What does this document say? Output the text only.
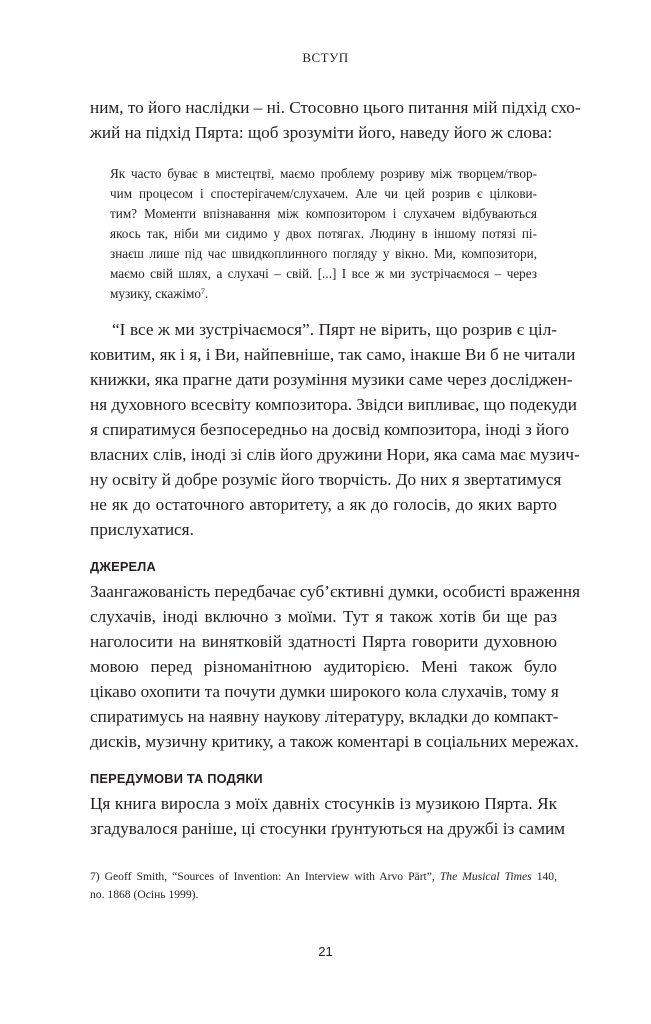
ВСТУП
ним, то його наслідки – ні. Стосовно цього питання мій підхід схо-
жий на підхід Пярта: щоб зрозуміти його, наведу його ж слова:
Як часто буває в мистецтві, маємо проблему розриву між творцем/твор-
чим процесом і спостерігачем/слухачем. Але чи цей розрив є цілкови-
тим? Моменти впізнавання між композитором і слухачем відбуваються
якось так, ніби ми сидимо у двох потягах. Людину в іншому потязі пі-
знаєш лише під час швидкоплинного погляду у вікно. Ми, композитори,
маємо свій шлях, а слухачі – свій. [...] І все ж ми зустрічаємося – через
музику, скажімо$^7$.
“І все ж ми зустрічаємося”. Пярт не вірить, що розрив є ціл-
ковитим, як і я, і Ви, найпевніше, так само, інакше Ви б не читали
книжки, яка прагне дати розуміння музики саме через досліджен-
ня духовного всесвіту композитора. Звідси випливає, що подекуди
я спиратимуся безпосередньо на досвід композитора, іноді з його
власних слів, іноді зі слів його дружини Нори, яка сама має музич-
ну освіту й добре розуміє його творчість. До них я звертатимуся
не як до остаточного авторитету, а як до голосів, до яких варто
прислухатися.
ДЖЕРЕЛА
Заангажованість передбачає суб’єктивні думки, особисті враження
слухачів, іноді включно з моїми. Тут я також хотів би ще раз
наголосити на винятковій здатності Пярта говорити духовною
мовою перед різноманітною аудиторією. Мені також було
цікаво охопити та почути думки широкого кола слухачів, тому я
спиратимусь на наявну наукову літературу, вкладки до компакт-
дисків, музичну критику, а також коментарі в соціальних мережах.
ПЕРЕДУМОВИ ТА ПОДЯКИ
Ця книга виросла з моїх давніх стосунків із музикою Пярта. Як
згадувалося раніше, ці стосунки ґрунтуються на дружбі із самим
7) Geoff Smith, “Sources of Invention: An Interview with Arvo Pärt”, The Musical Times 140,
no. 1868 (Осінь 1999).
21
